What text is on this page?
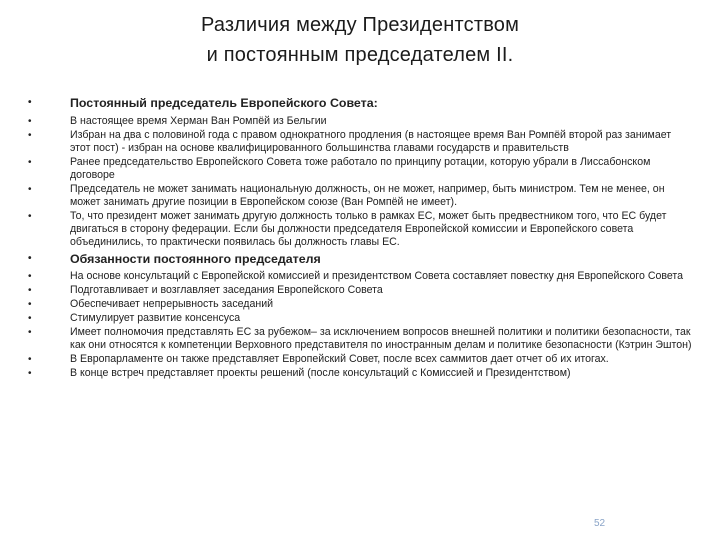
Различия между Президентством
и постоянным председателем II.
•	Постоянный председатель Европейского Совета:
•	В настоящее время Херман Ван Ромпёй из Бельгии
•	Избран на два с половиной года с правом однократного продления (в настоящее время Ван Ромпёй второй раз занимает этот пост) - избран на основе квалифицированного большинства главами государств и правительств
•	Ранее председательство Европейского Совета тоже работало по принципу ротации, которую убрали в Лиссабонском договоре
•	Председатель не может занимать национальную должность, он не может, например, быть министром. Тем не менее, он может занимать другие позиции в Европейском союзе (Ван Ромпёй не имеет).
•	То, что президент может занимать другую должность только в рамках ЕС, может быть предвестником того, что ЕС будет двигаться в сторону федерации. Если бы должности председателя Европейской комиссии и Европейского совета объединились, то практически появилась бы должность главы ЕС.
•	Обязанности постоянного председателя
•	На основе консультаций с Европейской комиссией и президентством Совета составляет повестку дня Европейского Совета
•	Подготавливает и возглавляет заседания Европейского Совета
•	Обеспечивает непрерывность заседаний
•	Стимулирует развитие консенсуса
•	Имеет полномочия представлять ЕС за рубежом– за исключением вопросов внешней политики и политики безопасности, так как они относятся к компетенции Верховного представителя по иностранным делам и политике безопасности (Кэтрин Эштон)
•	В Европарламенте он также представляет Европейский Совет, после всех саммитов дает отчет об их итогах.
•	В конце встреч представляет проекты решений (после консультаций с Комиссией и Президентством)
52
